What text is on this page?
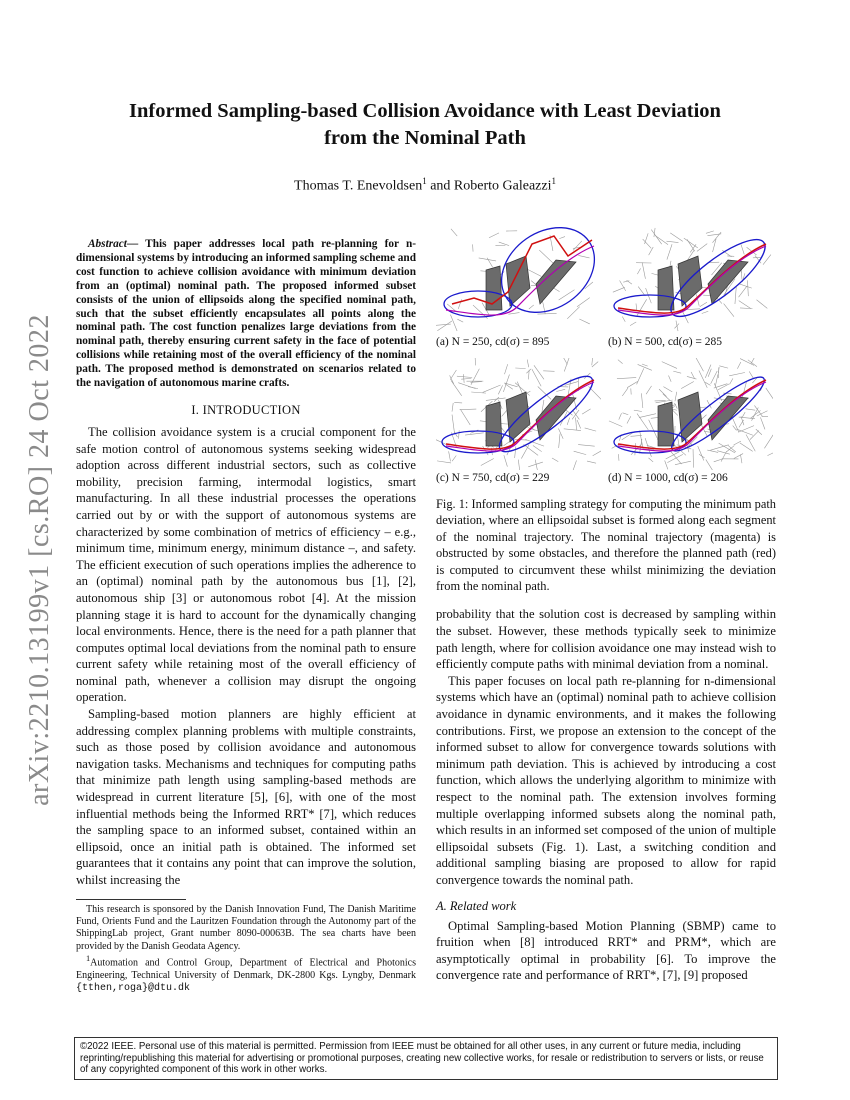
arXiv:2210.13199v1 [cs.RO] 24 Oct 2022
Informed Sampling-based Collision Avoidance with Least Deviation
from the Nominal Path
Thomas T. Enevoldsen$^1$ and Roberto Galeazzi$^1$

Abstract— This paper addresses local path re-planning for n-dimensional systems by introducing an informed sampling scheme and cost function to achieve collision avoidance with minimum deviation from an (optimal) nominal path. The proposed informed subset consists of the union of ellipsoids along the specified nominal path, such that the subset efficiently encapsulates all points along the nominal path. The cost function penalizes large deviations from the nominal path, thereby ensuring current safety in the face of potential collisions while retaining most of the overall efficiency of the nominal path. The proposed method is demonstrated on scenarios related to the navigation of autonomous marine crafts.

I. INTRODUCTION

The collision avoidance system is a crucial component for the safe motion control of autonomous systems seeking widespread adoption across different industrial sectors, such as collective mobility, precision farming, intermodal logistics, smart manufacturing. In all these industrial processes the operations carried out by or with the support of autonomous systems are characterized by some combination of metrics of efficiency – e.g., minimum time, minimum energy, minimum distance –, and safety. The efficient execution of such operations implies the adherence to an (optimal) nominal path by the autonomous bus [1], [2], autonomous ship [3] or autonomous robot [4]. At the mission planning stage it is hard to account for the dynamically changing local environments. Hence, there is the need for a path planner that computes optimal local deviations from the nominal path to ensure current safety while retaining most of the overall efficiency of nominal path, whenever a collision may disrupt the ongoing operation.

Sampling-based motion planners are highly efficient at addressing complex planning problems with multiple constraints, such as those posed by collision avoidance and autonomous navigation tasks. Mechanisms and techniques for computing paths that minimize path length using sampling-based methods are widespread in current literature [5], [6], with one of the most influential methods being the Informed RRT* [7], which reduces the sampling space to an informed subset, contained within an ellipsoid, once an initial path is obtained. The informed set guarantees that it contains any point that can improve the solution, whilst increasing the

This research is sponsored by the Danish Innovation Fund, The Danish Maritime Fund, Orients Fund and the Lauritzen Foundation through the Autonomy part of the ShippingLab project, Grant number 8090-00063B. The sea charts have been provided by the Danish Geodata Agency.

$^1$Automation and Control Group, Department of Electrical and Photonics Engineering, Technical University of Denmark, DK-2800 Kgs. Lyngby, Denmark {tthen,roga}@dtu.dk

(a) N = 250, cd(σ) = 895	(b) N = 500, cd(σ) = 285
(c) N = 750, cd(σ) = 229	(d) N = 1000, cd(σ) = 206

Fig. 1: Informed sampling strategy for computing the minimum path deviation, where an ellipsoidal subset is formed along each segment of the nominal trajectory. The nominal trajectory (magenta) is obstructed by some obstacles, and therefore the planned path (red) is computed to circumvent these whilst minimizing the deviation from the nominal path.

probability that the solution cost is decreased by sampling within the subset. However, these methods typically seek to minimize path length, where for collision avoidance one may instead wish to efficiently compute paths with minimal deviation from a nominal.

This paper focuses on local path re-planning for n-dimensional systems which have an (optimal) nominal path to achieve collision avoidance in dynamic environments, and it makes the following contributions. First, we propose an extension to the concept of the informed subset to allow for convergence towards solutions with minimum path deviation. This is achieved by introducing a cost function, which allows the underlying algorithm to minimize with respect to the nominal path. The extension involves forming multiple overlapping informed subsets along the nominal path, which results in an informed set composed of the union of multiple ellipsoidal subsets (Fig. 1). Last, a switching condition and additional sampling biasing are proposed to allow for rapid convergence towards the nominal path.

A. Related work

Optimal Sampling-based Motion Planning (SBMP) came to fruition when [8] introduced RRT* and PRM*, which are asymptotically optimal in probability [6]. To improve the convergence rate and performance of RRT*, [7], [9] proposed

©2022 IEEE. Personal use of this material is permitted. Permission from IEEE must be obtained for all other uses, in any current or future media, including reprinting/republishing this material for advertising or promotional purposes, creating new collective works, for resale or redistribution to servers or lists, or reuse of any copyrighted component of this work in other works.
